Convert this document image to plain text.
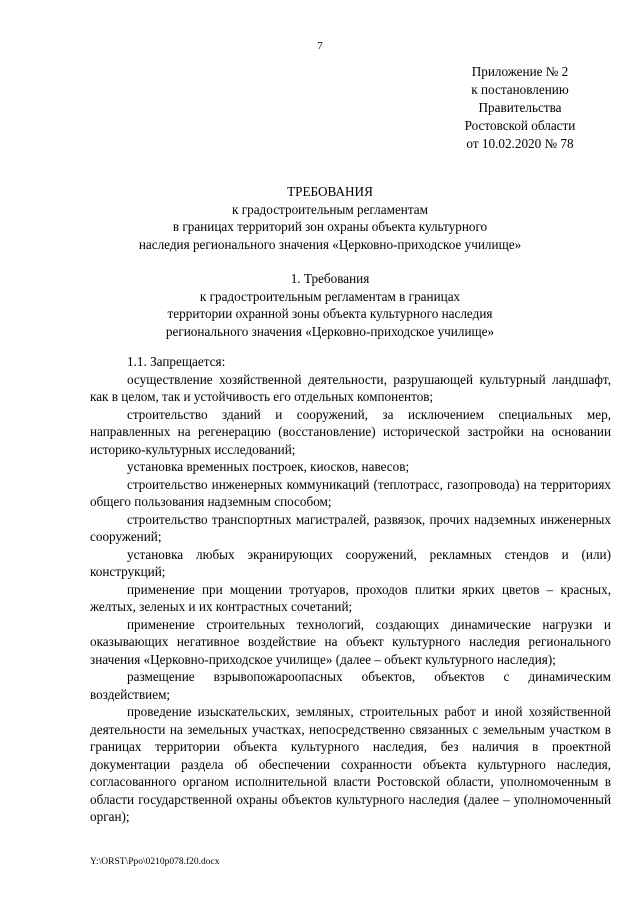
7
Приложение № 2
к постановлению
Правительства
Ростовской области
от 10.02.2020 № 78
ТРЕБОВАНИЯ
к градостроительным регламентам
в границах территорий зон охраны объекта культурного
наследия регионального значения «Церковно-приходское училище»
1. Требования
к градостроительным регламентам в границах
территории охранной зоны объекта культурного наследия
регионального значения «Церковно-приходское училище»

1.1. Запрещается:

осуществление хозяйственной деятельности, разрушающей культурный ландшафт, как в целом, так и устойчивость его отдельных компонентов;

строительство зданий и сооружений, за исключением специальных мер, направленных на регенерацию (восстановление) исторической застройки на основании историко-культурных исследований;

установка временных построек, киосков, навесов;

строительство инженерных коммуникаций (теплотрасс, газопровода) на территориях общего пользования надземным способом;

строительство транспортных магистралей, развязок, прочих надземных инженерных сооружений;

установка любых экранирующих сооружений, рекламных стендов и (или) конструкций;

применение при мощении тротуаров, проходов плитки ярких цветов – красных, желтых, зеленых и их контрастных сочетаний;

применение строительных технологий, создающих динамические нагрузки и оказывающих негативное воздействие на объект культурного наследия регионального значения «Церковно-приходское училище» (далее – объект культурного наследия);

размещение взрывопожароопасных объектов, объектов с динамическим воздействием;

проведение изыскательских, земляных, строительных работ и иной хозяйственной деятельности на земельных участках, непосредственно связанных с земельным участком в границах территории объекта культурного наследия, без наличия в проектной документации раздела об обеспечении сохранности объекта культурного наследия, согласованного органом исполнительной власти Ростовской области, уполномоченным в области государственной охраны объектов культурного наследия (далее – уполномоченный орган);

Y:\ORST\Ppo\0210p078.f20.docx
